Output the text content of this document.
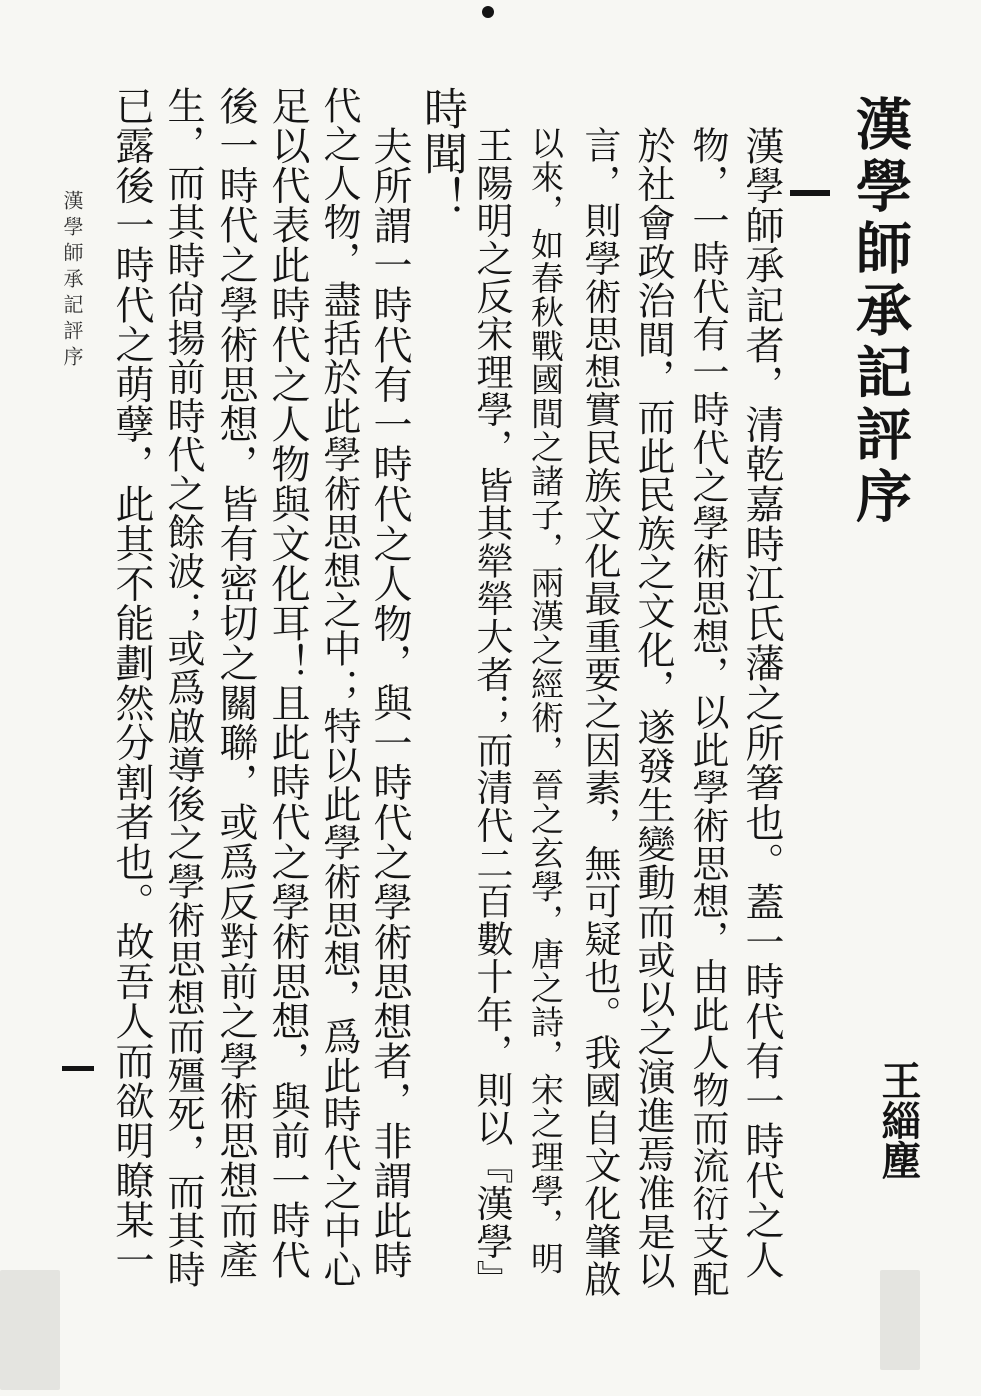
漢學師承記評序
王緇塵
漢學師承記者，清乾嘉時江氏藩之所箸也。蓋一時代有一時代之人
物，一時代有一時代之學術思想，以此學術思想，由此人物而流衍支配
於社會政治間，而此民族之文化，遂發生變動而或以之演進焉准是以
言，則學術思想實民族文化最重要之因素，無可疑也。我國自文化肇啟
以來，如春秋戰國間之諸子，兩漢之經術，晉之玄學，唐之詩，宋之理學，明
王陽明之反宋理學，皆其犖犖大者；而清代二百數十年，則以『漢學』
時聞！
夫所謂一時代有一時代之人物，與一時代之學術思想者，非謂此時
代之人物，盡括於此學術思想之中；特以此學術思想，爲此時代之中心
足以代表此時代之人物與文化耳！且此時代之學術思想，與前一時代
後一時代之學術思想，皆有密切之關聯，或爲反對前之學術思想而產
生，而其時尙揚前時代之餘波；或爲啟導後之學術思想而殭死，而其時
已露後一時代之萌孽，此其不能劃然分割者也。故吾人而欲明瞭某一
漢學師承記評序
